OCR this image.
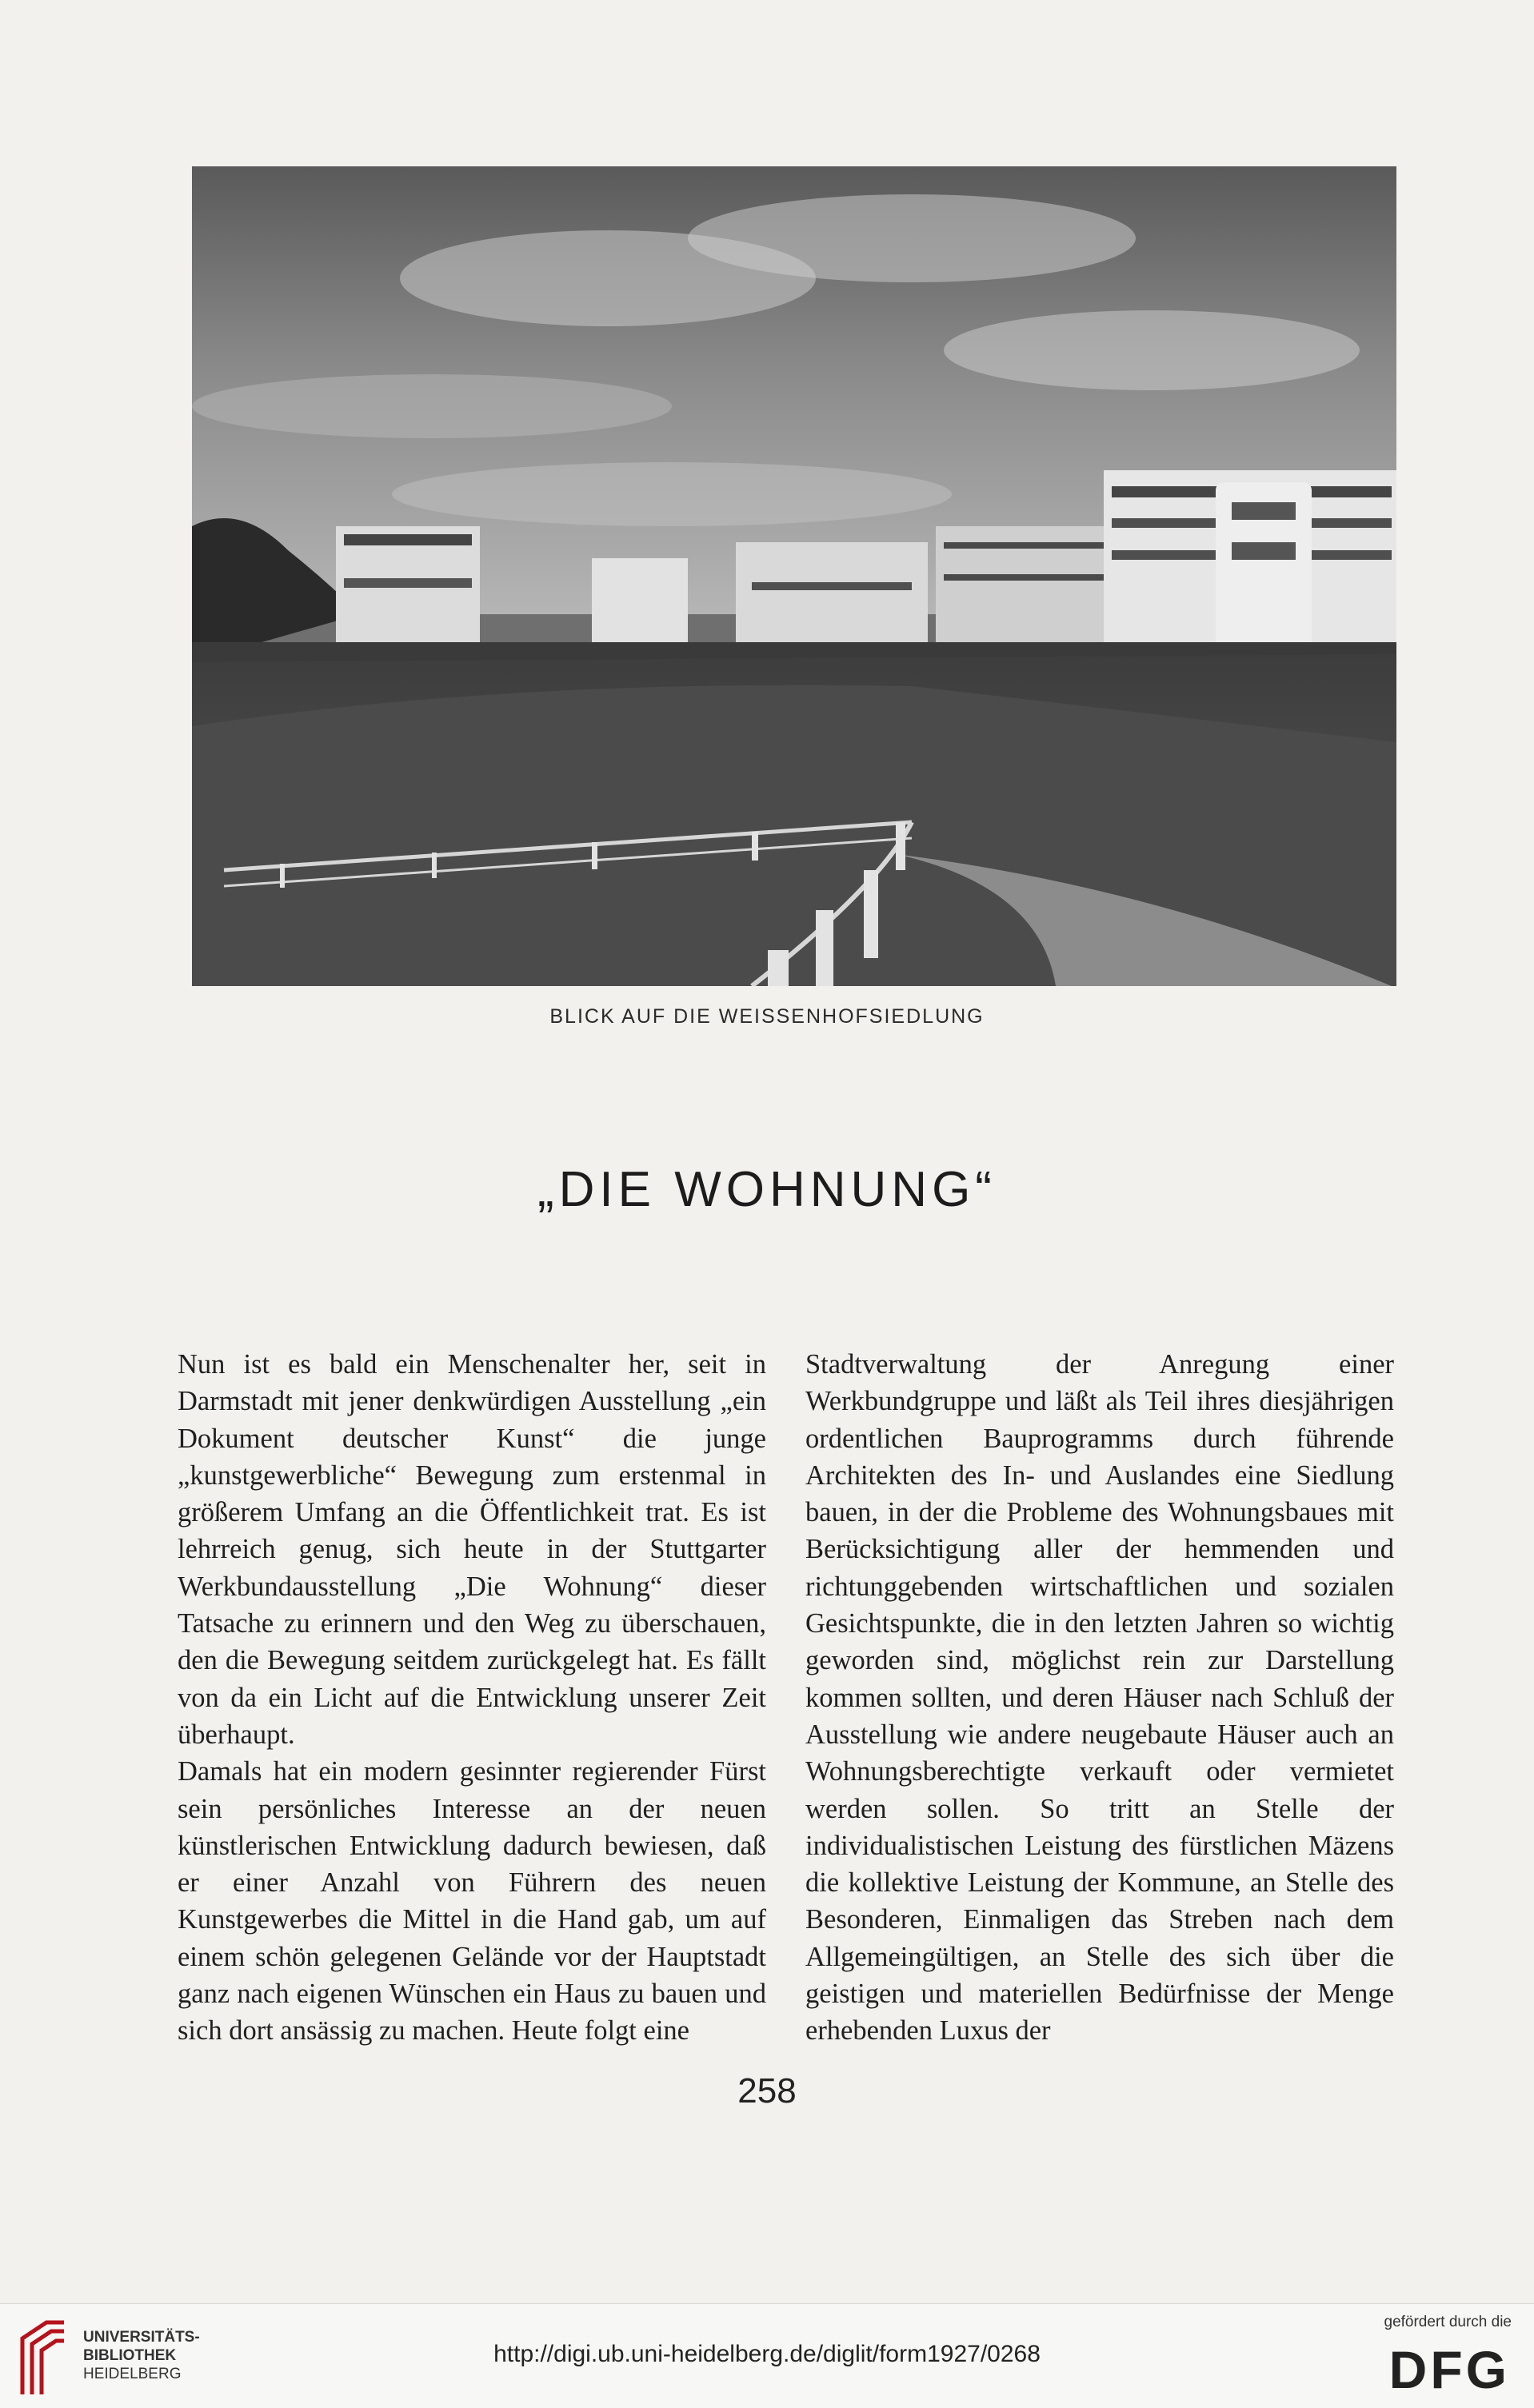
BLICK AUF DIE WEISSENHOFSIEDLUNG
„DIE WOHNUNG“

Nun ist es bald ein Menschenalter her, seit in Darmstadt mit jener denkwürdigen Ausstellung „ein Dokument deutscher Kunst“ die junge „kunstgewerbliche“ Bewegung zum erstenmal in größerem Umfang an die Öffentlichkeit trat. Es ist lehrreich genug, sich heute in der Stuttgarter Werkbundausstellung „Die Wohnung“ dieser Tatsache zu erinnern und den Weg zu überschauen, den die Bewegung seitdem zurückgelegt hat. Es fällt von da ein Licht auf die Entwicklung unserer Zeit überhaupt.

Damals hat ein modern gesinnter regierender Fürst sein persönliches Interesse an der neuen künstlerischen Entwicklung dadurch bewiesen, daß er einer Anzahl von Führern des neuen Kunstgewerbes die Mittel in die Hand gab, um auf einem schön gelegenen Gelände vor der Hauptstadt ganz nach eigenen Wünschen ein Haus zu bauen und sich dort ansässig zu machen. Heute folgt eine

Stadtverwaltung der Anregung einer Werkbundgruppe und läßt als Teil ihres diesjährigen ordentlichen Bauprogramms durch führende Architekten des In- und Auslandes eine Siedlung bauen, in der die Probleme des Wohnungsbaues mit Berücksichtigung aller der hemmenden und richtunggebenden wirtschaftlichen und sozialen Gesichtspunkte, die in den letzten Jahren so wichtig geworden sind, möglichst rein zur Darstellung kommen sollten, und deren Häuser nach Schluß der Ausstellung wie andere neugebaute Häuser auch an Wohnungsberechtigte verkauft oder vermietet werden sollen. So tritt an Stelle der individualistischen Leistung des fürstlichen Mäzens die kollektive Leistung der Kommune, an Stelle des Besonderen, Einmaligen das Streben nach dem Allgemeingültigen, an Stelle des sich über die geistigen und materiellen Bedürfnisse der Menge erhebenden Luxus der

258
UNIVERSITÄTS-
BIBLIOTHEK
HEIDELBERG
http://digi.ub.uni-heidelberg.de/diglit/form1927/0268
gefördert durch die
DFG
